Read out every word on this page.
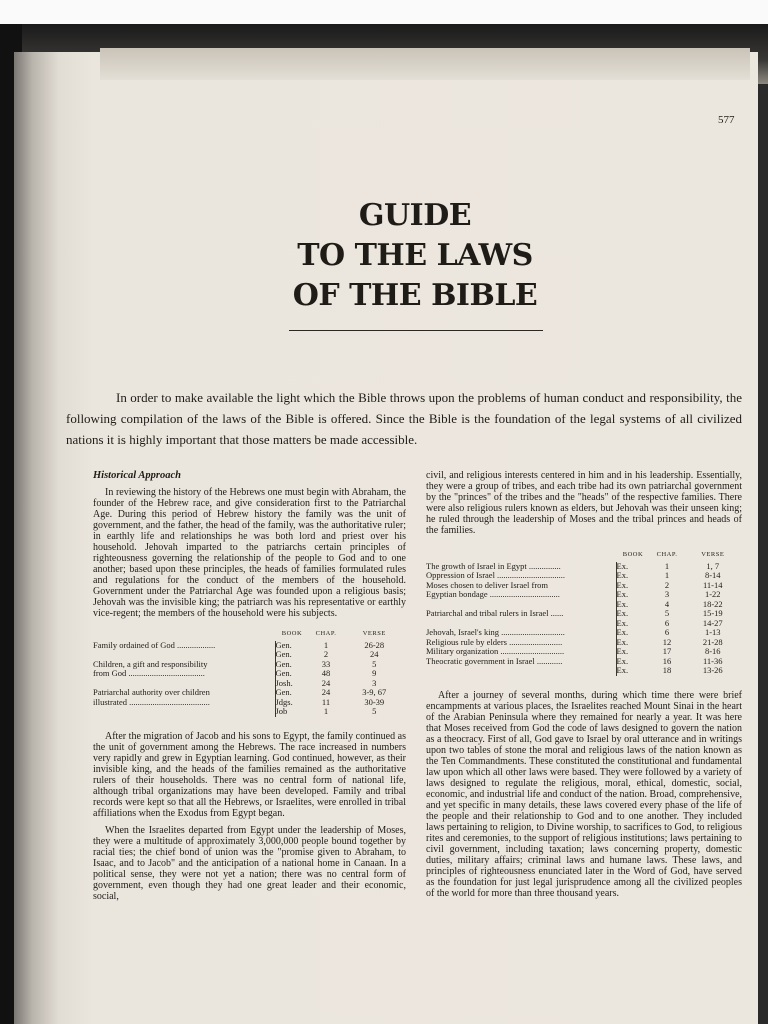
577
GUIDE
TO THE LAWS
OF THE BIBLE

In order to make available the light which the Bible throws upon the problems of human conduct and responsibility, the following compilation of the laws of the Bible is offered. Since the Bible is the foundation of the legal systems of all civilized nations it is highly important that those matters be made accessible.

Historical Approach

In reviewing the history of the Hebrews one must begin with Abraham, the founder of the Hebrew race, and give consideration first to the Patriarchal Age. During this period of Hebrew history the family was the unit of government, and the father, the head of the family, was the authoritative ruler; in earthly life and relationships he was both lord and priest over his household. Jehovah imparted to the patriarchs certain principles of righteousness governing the relationship of the people to God and to one another; based upon these principles, the heads of families formulated rules and regulations for the conduct of the members of the household. Government under the Patriarchal Age was founded upon a religious basis; Jehovah was the invisible king; the patriarch was his representative or earthly vice-regent; the members of the household were his subjects.

	BOOK	CHAP.	VERSE
Family ordained of God ..................	Gen.	1	26-28
	Gen.	2	24
Children, a gift and responsibility	Gen.	33	5
from God ....................................	Gen.	48	9
	Josh.	24	3
Patriarchal authority over children	Gen.	24	3-9, 67
illustrated ......................................	Jdgs.	11	30-39
	Job	1	5

After the migration of Jacob and his sons to Egypt, the family continued as the unit of government among the Hebrews. The race increased in numbers very rapidly and grew in Egyptian learning. God continued, however, as their invisible king, and the heads of the families remained as the authoritative rulers of their households. There was no central form of national life, although tribal organizations may have been developed. Family and tribal records were kept so that all the Hebrews, or Israelites, were enrolled in tribal affiliations when the Exodus from Egypt began.

When the Israelites departed from Egypt under the leadership of Moses, they were a multitude of approximately 3,000,000 people bound together by racial ties; the chief bond of union was the "promise given to Abraham, to Isaac, and to Jacob" and the anticipation of a national home in Canaan. In a political sense, they were not yet a nation; there was no central form of government, even though they had one great leader and their economic, social,

civil, and religious interests centered in him and in his leadership. Essentially, they were a group of tribes, and each tribe had its own patriarchal government by the "princes" of the tribes and the "heads" of the respective families. There were also religious rulers known as elders, but Jehovah was their unseen king; he ruled through the leadership of Moses and the tribal princes and heads of the families.

	BOOK	CHAP.	VERSE
The growth of Israel in Egypt ...............	Ex.	1	1, 7
Oppression of Israel ................................	Ex.	1	8-14
Moses chosen to deliver Israel from	Ex.	2	11-14
Egyptian bondage .................................	Ex.	3	1-22
	Ex.	4	18-22
Patriarchal and tribal rulers in Israel ......	Ex.	5	15-19
	Ex.	6	14-27
Jehovah, Israel's king ..............................	Ex.	6	1-13
Religious rule by elders .........................	Ex.	12	21-28
Military organization ..............................	Ex.	17	8-16
Theocratic government in Israel ............	Ex.	16	11-36
	Ex.	18	13-26

After a journey of several months, during which time there were brief encampments at various places, the Israelites reached Mount Sinai in the heart of the Arabian Peninsula where they remained for nearly a year. It was here that Moses received from God the code of laws designed to govern the nation as a theocracy. First of all, God gave to Israel by oral utterance and in writings upon two tables of stone the moral and religious laws of the nation known as the Ten Commandments. These constituted the constitutional and fundamental law upon which all other laws were based. They were followed by a variety of laws designed to regulate the religious, moral, ethical, domestic, social, economic, and industrial life and conduct of the nation. Broad, comprehensive, and yet specific in many details, these laws covered every phase of the life of the people and their relationship to God and to one another. They included laws pertaining to religion, to Divine worship, to sacrifices to God, to religious rites and ceremonies, to the support of religious institutions; laws pertaining to civil government, including taxation; laws concerning property, domestic duties, military affairs; criminal laws and humane laws. These laws, and principles of righteousness enunciated later in the Word of God, have served as the foundation for just legal jurisprudence among all the civilized peoples of the world for more than three thousand years.
